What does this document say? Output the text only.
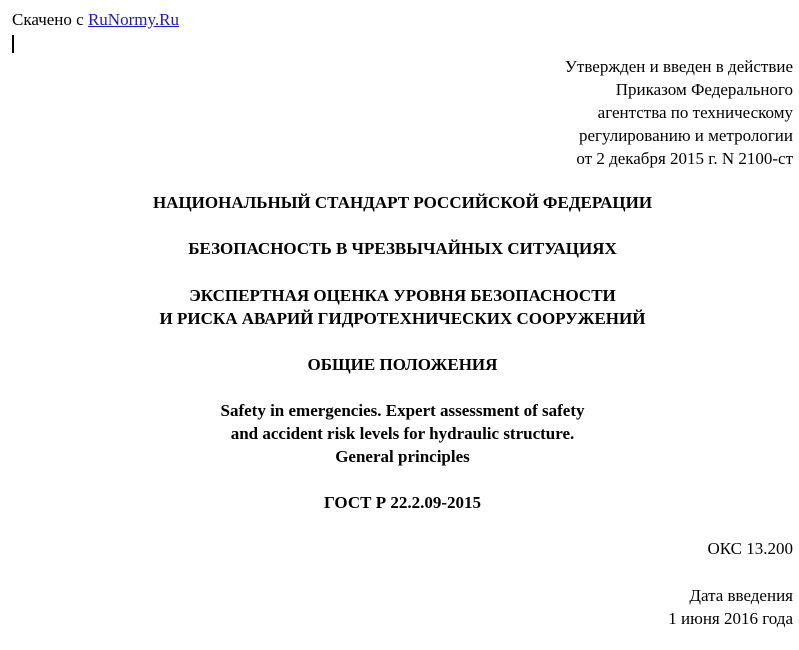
Скачено с RuNormy.Ru
Утвержден и введен в действие
Приказом Федерального
агентства по техническому
регулированию и метрологии
от 2 декабря 2015 г. N 2100-ст
НАЦИОНАЛЬНЫЙ СТАНДАРТ РОССИЙСКОЙ ФЕДЕРАЦИИ
БЕЗОПАСНОСТЬ В ЧРЕЗВЫЧАЙНЫХ СИТУАЦИЯХ
ЭКСПЕРТНАЯ ОЦЕНКА УРОВНЯ БЕЗОПАСНОСТИ
И РИСКА АВАРИЙ ГИДРОТЕХНИЧЕСКИХ СООРУЖЕНИЙ
ОБЩИЕ ПОЛОЖЕНИЯ
Safety in emergencies. Expert assessment of safety
and accident risk levels for hydraulic structure.
General principles
ГОСТ Р 22.2.09-2015
ОКС 13.200
Дата введения
1 июня 2016 года
